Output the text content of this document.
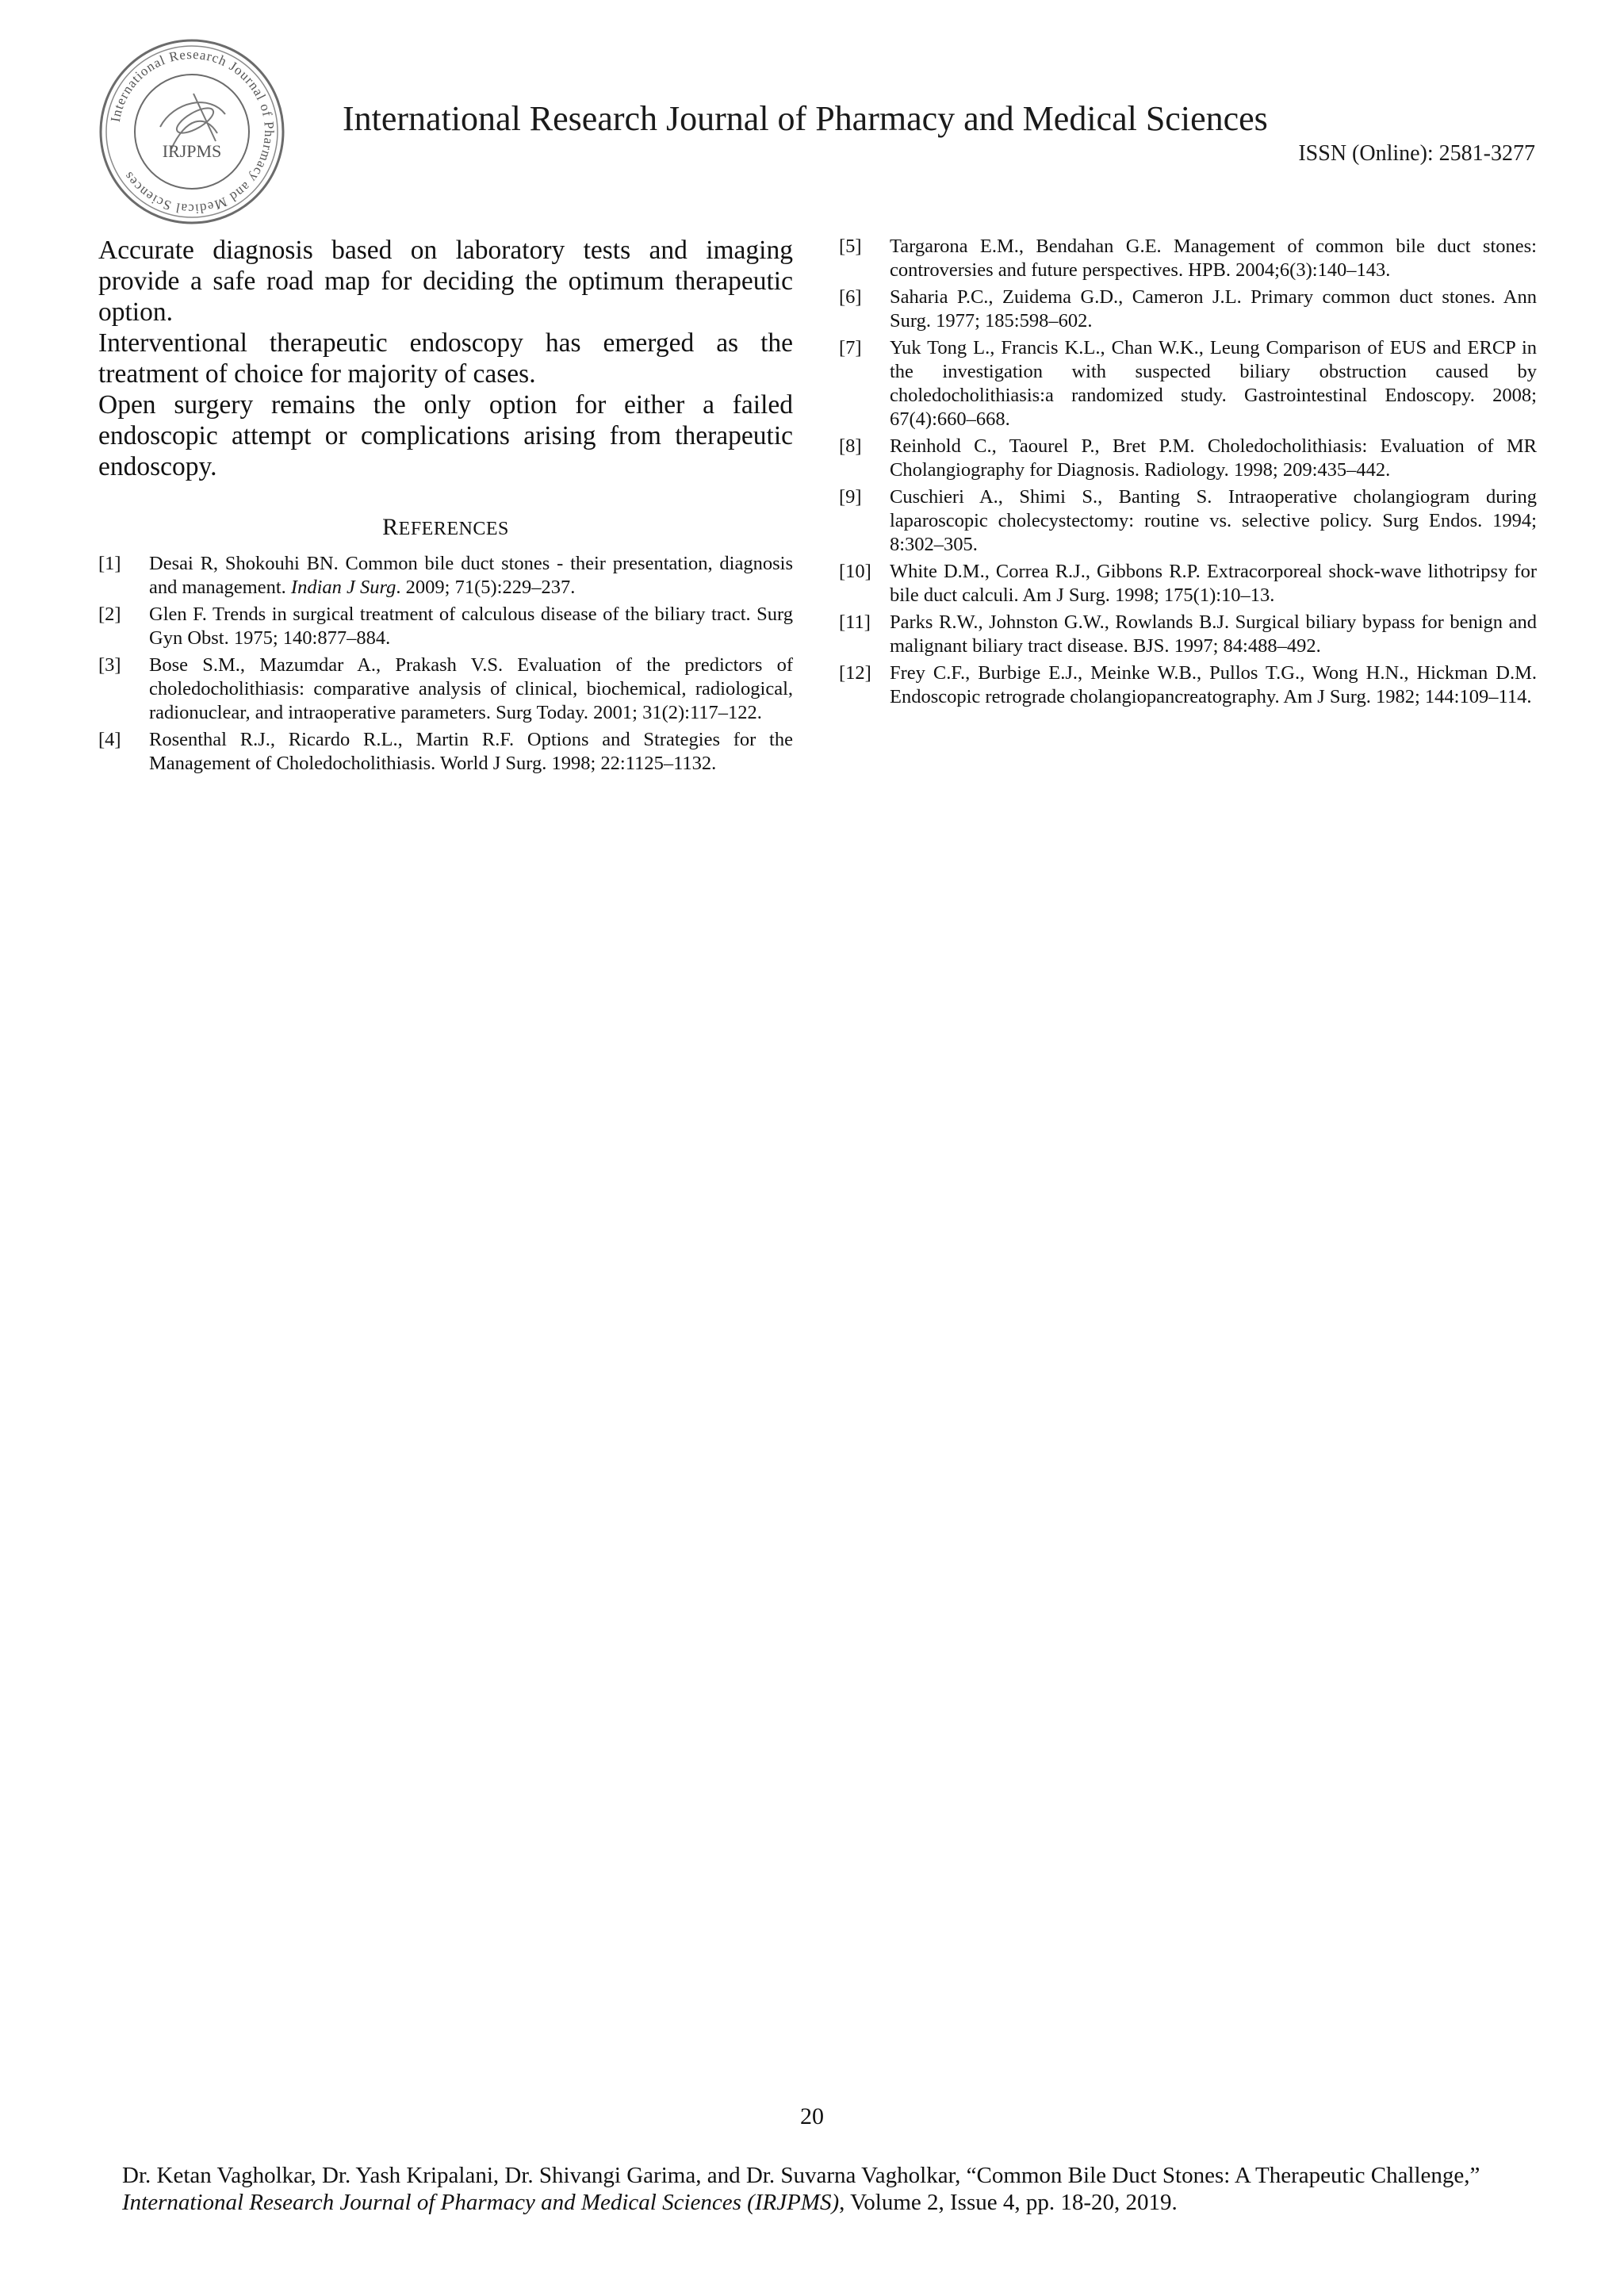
International Research Journal of Pharmacy and Medical Sciences
IRJPMS
International Research Journal of Pharmacy and Medical Sciences
ISSN (Online): 2581-3277

Accurate diagnosis based on laboratory tests and imaging provide a safe road map for deciding the optimum therapeutic option.

Interventional therapeutic endoscopy has emerged as the treatment of choice for majority of cases.

Open surgery remains the only option for either a failed endoscopic attempt or complications arising from therapeutic endoscopy.

REFERENCES
[1]	Desai R, Shokouhi BN. Common bile duct stones - their presentation, diagnosis and management. Indian J Surg. 2009; 71(5):229–237.
[2]	Glen F. Trends in surgical treatment of calculous disease of the biliary tract. Surg Gyn Obst. 1975; 140:877–884.
[3]	Bose S.M., Mazumdar A., Prakash V.S. Evaluation of the predictors of choledocholithiasis: comparative analysis of clinical, biochemical, radiological, radionuclear, and intraoperative parameters. Surg Today. 2001; 31(2):117–122.
[4]	Rosenthal R.J., Ricardo R.L., Martin R.F. Options and Strategies for the Management of Choledocholithiasis. World J Surg. 1998; 22:1125–1132.
[5]	Targarona E.M., Bendahan G.E. Management of common bile duct stones: controversies and future perspectives. HPB. 2004;6(3):140–143.
[6]	Saharia P.C., Zuidema G.D., Cameron J.L. Primary common duct stones. Ann Surg. 1977; 185:598–602.
[7]	Yuk Tong L., Francis K.L., Chan W.K., Leung Comparison of EUS and ERCP in the investigation with suspected biliary obstruction caused by choledocholithiasis:a randomized study. Gastrointestinal Endoscopy. 2008; 67(4):660–668.
[8]	Reinhold C., Taourel P., Bret P.M. Choledocholithiasis: Evaluation of MR Cholangiography for Diagnosis. Radiology. 1998; 209:435–442.
[9]	Cuschieri A., Shimi S., Banting S. Intraoperative cholangiogram during laparoscopic cholecystectomy: routine vs. selective policy. Surg Endos. 1994; 8:302–305.
[10] White D.M., Correa R.J., Gibbons R.P. Extracorporeal shock-wave lithotripsy for bile duct calculi. Am J Surg. 1998; 175(1):10–13.
[11] Parks R.W., Johnston G.W., Rowlands B.J. Surgical biliary bypass for benign and malignant biliary tract disease. BJS. 1997; 84:488–492.
[12] Frey C.F., Burbige E.J., Meinke W.B., Pullos T.G., Wong H.N., Hickman D.M. Endoscopic retrograde cholangiopancreatography. Am J Surg. 1982; 144:109–114.
20
Dr. Ketan Vagholkar, Dr. Yash Kripalani, Dr. Shivangi Garima, and Dr. Suvarna Vagholkar, “Common Bile Duct Stones: A Therapeutic Challenge,” International Research Journal of Pharmacy and Medical Sciences (IRJPMS), Volume 2, Issue 4, pp. 18-20, 2019.
